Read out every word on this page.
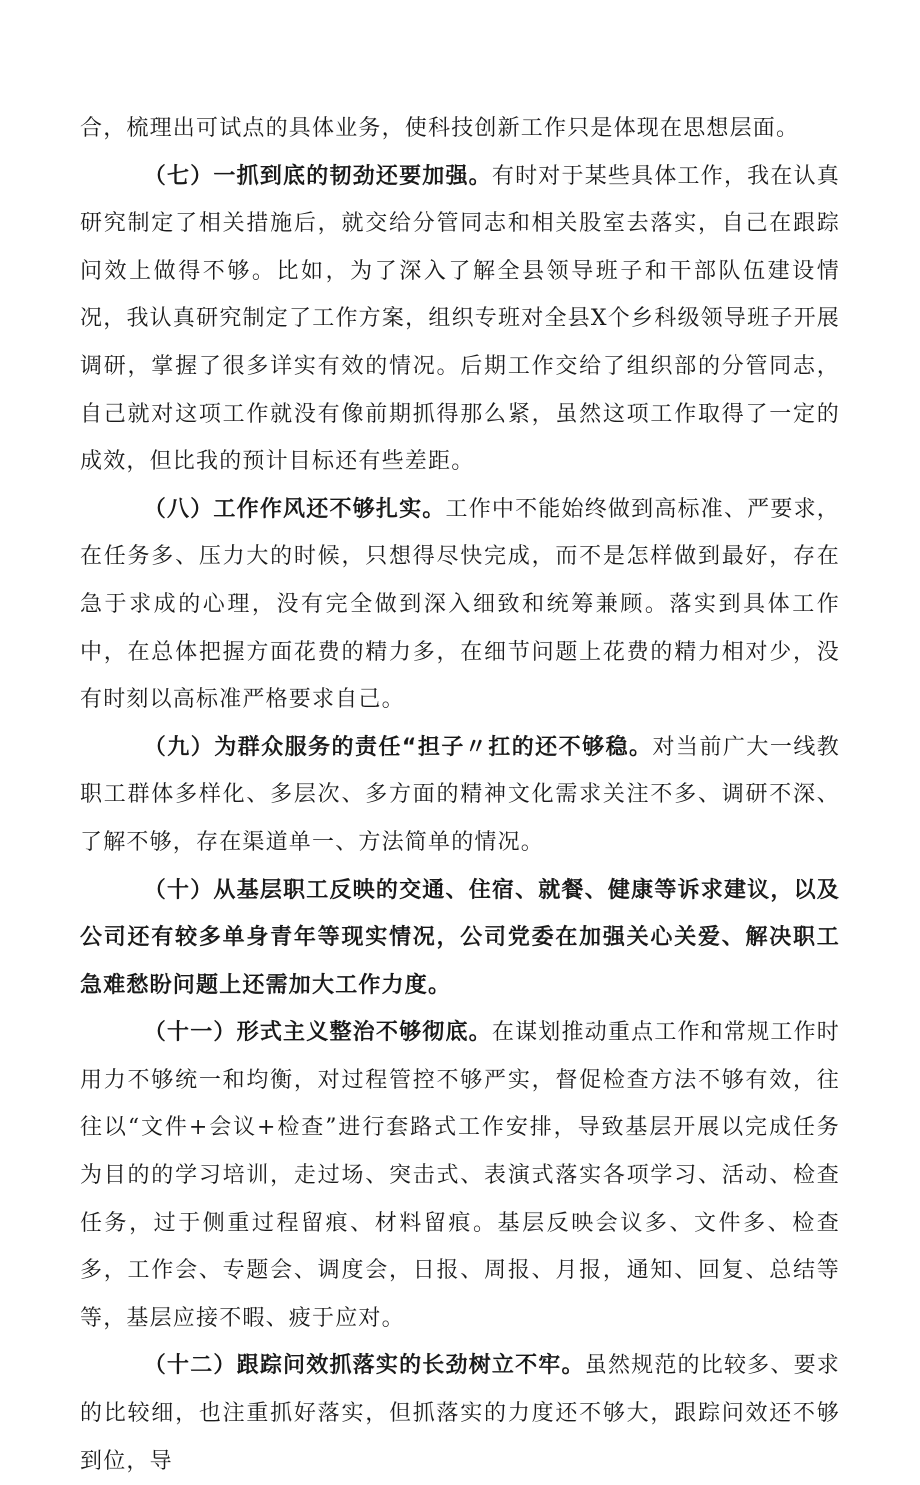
合，梳理出可试点的具体业务，使科技创新工作只是体现在思想层面。

（七）一抓到底的韧劲还要加强。有时对于某些具体工作，我在认真研究制定了相关措施后，就交给分管同志和相关股室去落实，自己在跟踪问效上做得不够。比如，为了深入了解全县领导班子和干部队伍建设情况，我认真研究制定了工作方案，组织专班对全县X个乡科级领导班子开展调研，掌握了很多详实有效的情况。后期工作交给了组织部的分管同志，自己就对这项工作就没有像前期抓得那么紧，虽然这项工作取得了一定的成效，但比我的预计目标还有些差距。

（八）工作作风还不够扎实。工作中不能始终做到高标准、严要求，在任务多、压力大的时候，只想得尽快完成，而不是怎样做到最好，存在急于求成的心理，没有完全做到深入细致和统筹兼顾。落实到具体工作中，在总体把握方面花费的精力多，在细节问题上花费的精力相对少，没有时刻以高标准严格要求自己。

（九）为群众服务的责任“担子〃扛的还不够稳。对当前广大一线教职工群体多样化、多层次、多方面的精神文化需求关注不多、调研不深、了解不够，存在渠道单一、方法简单的情况。

（十）从基层职工反映的交通、住宿、就餐、健康等诉求建议，以及公司还有较多单身青年等现实情况，公司党委在加强关心关爱、解决职工急难愁盼问题上还需加大工作力度。

（十一）形式主义整治不够彻底。在谋划推动重点工作和常规工作时用力不够统一和均衡，对过程管控不够严实，督促检查方法不够有效，往往以“文件+会议+检查”进行套路式工作安排，导致基层开展以完成任务为目的的学习培训，走过场、突击式、表演式落实各项学习、活动、检查任务，过于侧重过程留痕、材料留痕。基层反映会议多、文件多、检查多，工作会、专题会、调度会，日报、周报、月报，通知、回复、总结等等，基层应接不暇、疲于应对。

（十二）跟踪问效抓落实的长劲树立不牢。虽然规范的比较多、要求的比较细，也注重抓好落实，但抓落实的力度还不够大，跟踪问效还不够到位，导
